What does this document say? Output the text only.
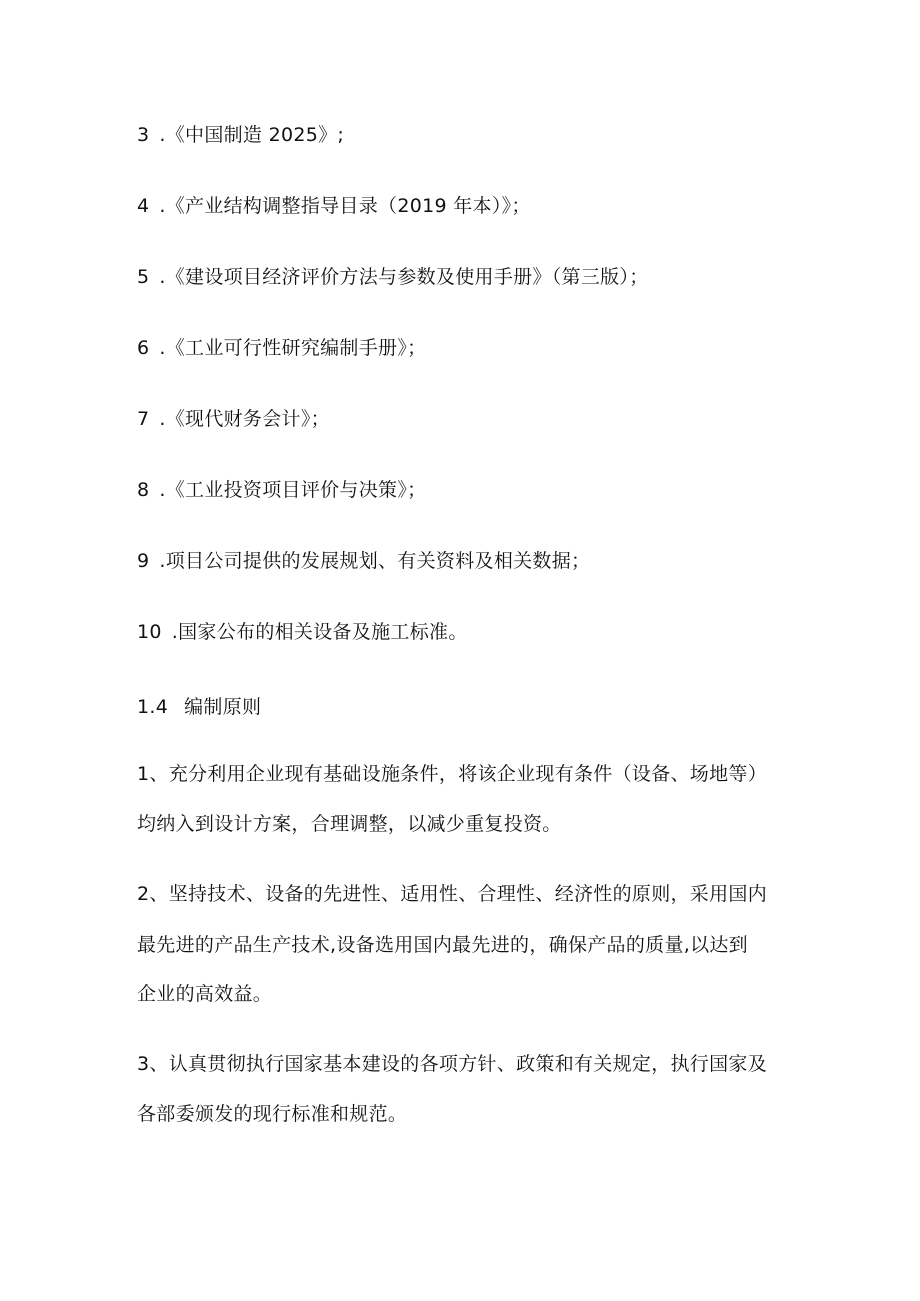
3 .《中国制造 2025》;
4 .《产业结构调整指导目录（2019 年本）》；
5 .《建设项目经济评价方法与参数及使用手册》（第三版）；
6 .《工业可行性研究编制手册》；
7 .《现代财务会计》；
8 .《工业投资项目评价与决策》；
9 .项目公司提供的发展规划、有关资料及相关数据；
10 .国家公布的相关设备及施工标准。
1.4 编制原则
1、充分利用企业现有基础设施条件，将该企业现有条件（设备、场地等）
均纳入到设计方案，合理调整，以减少重复投资。
2、坚持技术、设备的先进性、适用性、合理性、经济性的原则，采用国内
最先进的产品生产技术,设备选用国内最先进的，确保产品的质量,以达到
企业的高效益。
3、认真贯彻执行国家基本建设的各项方针、政策和有关规定，执行国家及
各部委颁发的现行标准和规范。
